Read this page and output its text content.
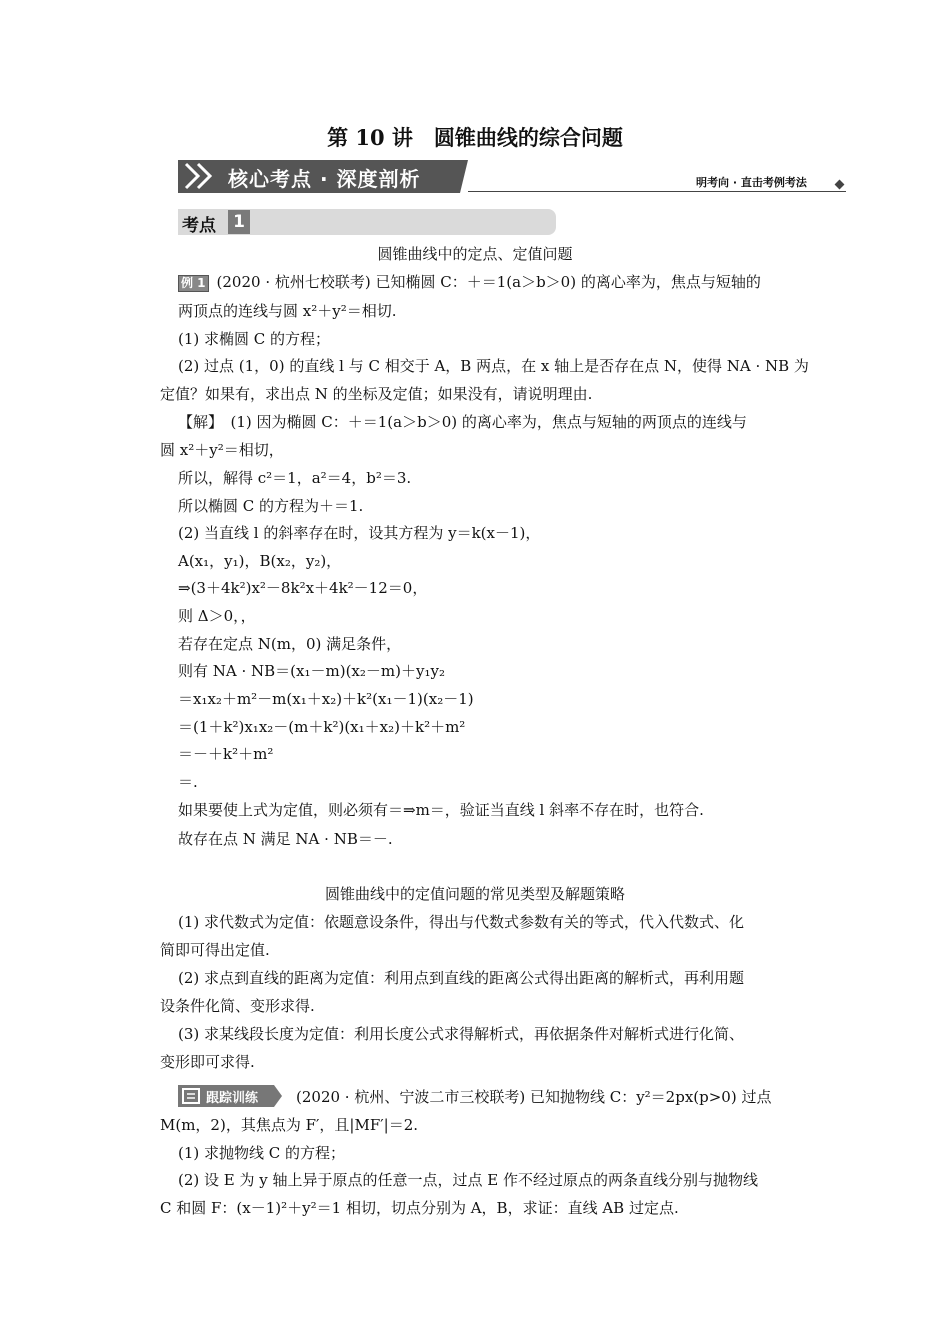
第 10 讲　圆锥曲线的综合问题
核心考点 · 深度剖析	明考向 · 直击考例考法
考点 1
圆锥曲线中的定点、定值问题
例 1 (2020 · 杭州七校联考) 已知椭圆 C：＋＝1(a＞b＞0) 的离心率为，焦点与短轴的
两顶点的连线与圆 x²＋y²＝相切.
(1) 求椭圆 C 的方程；
(2) 过点 (1，0) 的直线 l 与 C 相交于 A，B 两点，在 x 轴上是否存在点 N，使得 NA · NB 为
定值？如果有，求出点 N 的坐标及定值；如果没有，请说明理由.
【解】　(1) 因为椭圆 C：＋＝1(a＞b＞0) 的离心率为，焦点与短轴的两顶点的连线与
圆 x²＋y²＝相切，
所以，解得 c²＝1，a²＝4，b²＝3.
所以椭圆 C 的方程为＋＝1.
(2) 当直线 l 的斜率存在时，设其方程为 y＝k(x－1)，
A(x₁，y₁)，B(x₂，y₂)，
⇒(3＋4k²)x²－8k²x＋4k²－12＝0，
则 Δ＞0，，
若存在定点 N(m，0) 满足条件，
则有 NA · NB＝(x₁－m)(x₂－m)＋y₁y₂
＝x₁x₂＋m²－m(x₁＋x₂)＋k²(x₁－1)(x₂－1)
＝(1＋k²)x₁x₂－(m＋k²)(x₁＋x₂)＋k²＋m²
＝－＋k²＋m²
＝.
如果要使上式为定值，则必须有＝⇒m＝，验证当直线 l 斜率不存在时，也符合.
故存在点 N 满足 NA · NB＝－.
圆锥曲线中的定值问题的常见类型及解题策略
(1) 求代数式为定值：依题意设条件，得出与代数式参数有关的等式，代入代数式、化
简即可得出定值.
(2) 求点到直线的距离为定值：利用点到直线的距离公式得出距离的解析式，再利用题
设条件化简、变形求得.
(3) 求某线段长度为定值：利用长度公式求得解析式，再依据条件对解析式进行化简、
变形即可求得.
跟踪训练	(2020 · 杭州、宁波二市三校联考) 已知抛物线 C：y²＝2px(p>0) 过点
M(m，2)，其焦点为 F′，且|MF′|＝2.
(1) 求抛物线 C 的方程；
(2) 设 E 为 y 轴上异于原点的任意一点，过点 E 作不经过原点的两条直线分别与抛物线
C 和圆 F：(x－1)²＋y²＝1 相切，切点分别为 A，B，求证：直线 AB 过定点.
